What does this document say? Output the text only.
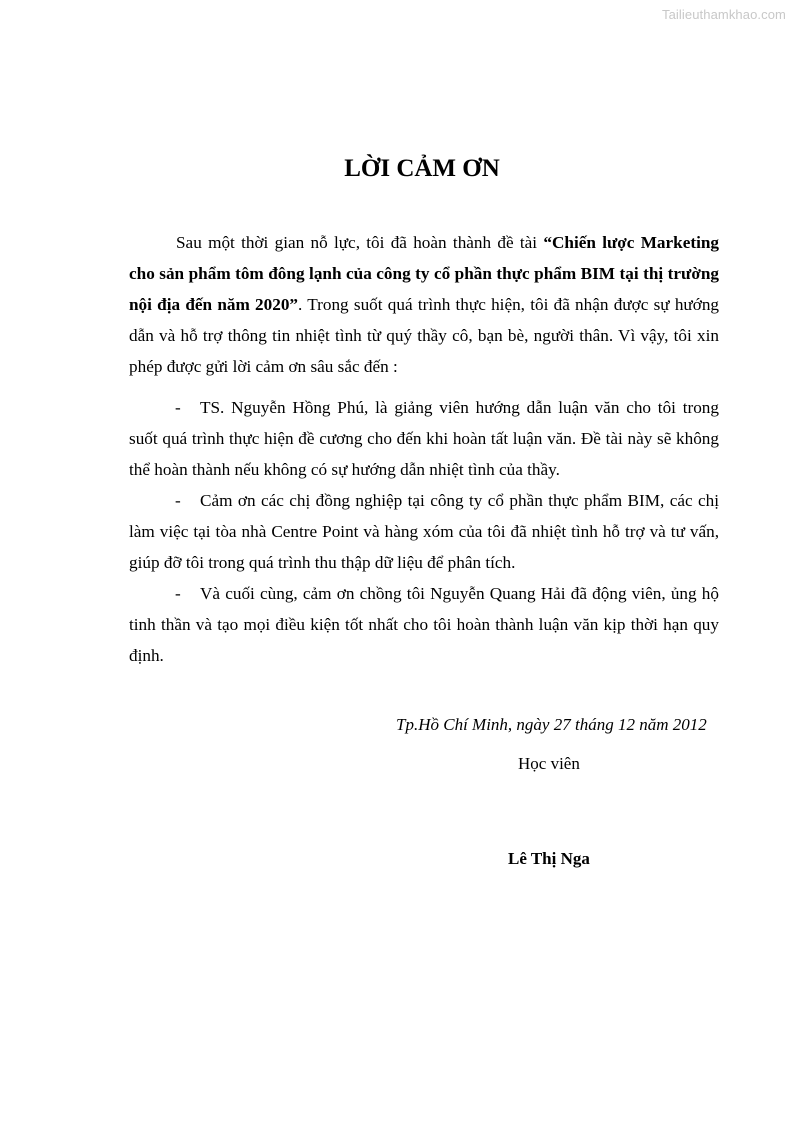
Tailieuthamkhao.com
LỜI CẢM ƠN

Sau một thời gian nỗ lực, tôi đã hoàn thành đề tài “Chiến lược Marketing cho sản phẩm tôm đông lạnh của công ty cổ phần thực phẩm BIM tại thị trường nội địa đến năm 2020”. Trong suốt quá trình thực hiện, tôi đã nhận được sự hướng dẫn và hỗ trợ thông tin nhiệt tình từ quý thầy cô, bạn bè, người thân. Vì vậy, tôi xin phép được gửi lời cảm ơn sâu sắc đến :

- TS. Nguyễn Hồng Phú, là giảng viên hướng dẫn luận văn cho tôi trong suốt quá trình thực hiện đề cương cho đến khi hoàn tất luận văn. Đề tài này sẽ không thể hoàn thành nếu không có sự hướng dẫn nhiệt tình của thầy.

- Cảm ơn các chị đồng nghiệp tại công ty cổ phần thực phẩm BIM, các chị làm việc tại tòa nhà Centre Point và hàng xóm của tôi đã nhiệt tình hỗ trợ và tư vấn, giúp đỡ tôi trong quá trình thu thập dữ liệu để phân tích.

- Và cuối cùng, cảm ơn chồng tôi Nguyễn Quang Hải đã động viên, ủng hộ tinh thần và tạo mọi điều kiện tốt nhất cho tôi hoàn thành luận văn kịp thời hạn quy định.

Tp.Hồ Chí Minh, ngày 27 tháng 12 năm 2012
Học viên
Lê Thị Nga
